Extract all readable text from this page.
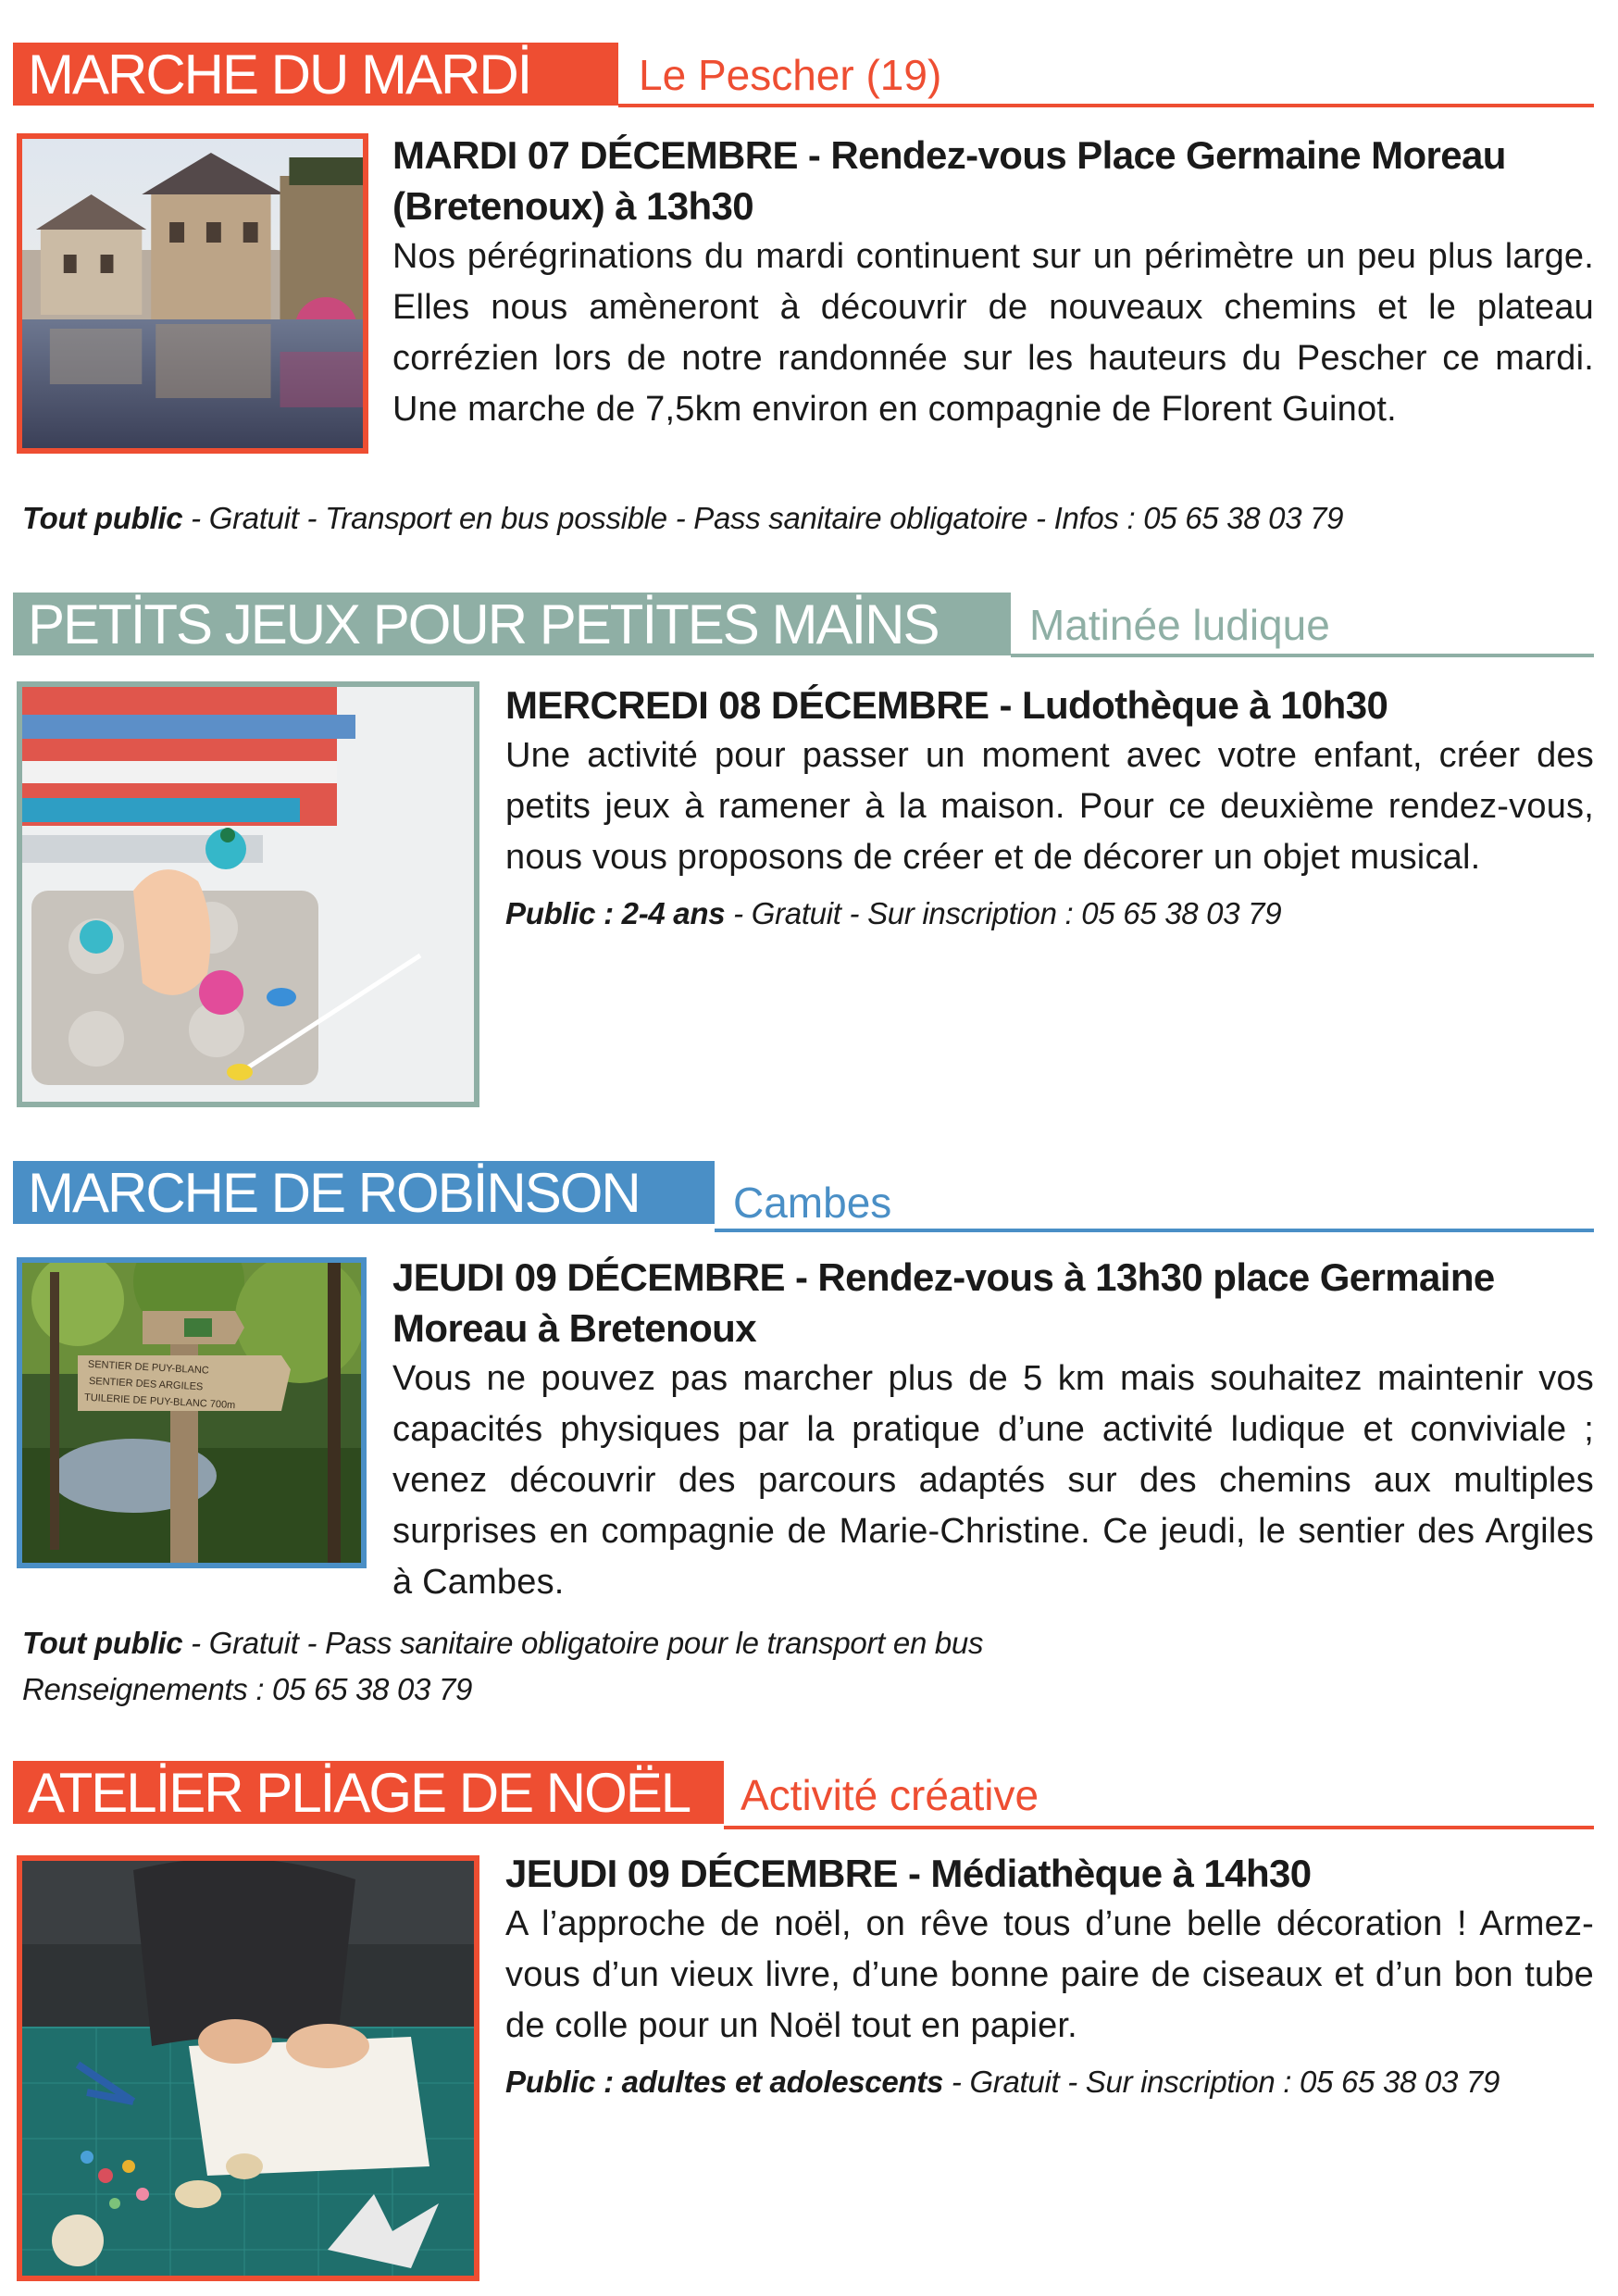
MARCHE DU MARDİ	Le Pescher (19)

MARDI 07 DÉCEMBRE - Rendez-vous Place Germaine Moreau (Bretenoux) à 13h30

Nos pérégrinations du mardi continuent sur un périmètre un peu plus large. Elles nous amèneront à découvrir de nouveaux chemins et le plateau corrézien lors de notre randonnée sur les hauteurs du Pescher ce mardi. Une marche de 7,5km environ en compagnie de Florent Guinot.

Tout public - Gratuit - Transport en bus possible - Pass sanitaire obligatoire - Infos : 05 65 38 03 79

PETİTS JEUX POUR PETİTES MAİNS	Matinée ludique

MERCREDI 08 DÉCEMBRE - Ludothèque à 10h30

Une activité pour passer un moment avec votre enfant, créer des petits jeux à ramener à la maison. Pour ce deuxième rendez-vous, nous vous proposons de créer et de décorer un objet musical.

Public : 2-4 ans - Gratuit - Sur inscription : 05 65 38 03 79

MARCHE DE ROBİNSON	Cambes
SENTIER DE PUY-BLANC
SENTIER DES ARGILES
TUILERIE DE PUY-BLANC 700m

JEUDI 09 DÉCEMBRE - Rendez-vous à 13h30 place Germaine Moreau à Bretenoux

Vous ne pouvez pas marcher plus de 5 km mais souhaitez maintenir vos capacités physiques par la pratique d’une activité ludique et conviviale ; venez découvrir des parcours adaptés sur des chemins aux multiples surprises en compagnie de Marie-Christine. Ce jeudi, le sentier des Argiles à Cambes.

Tout public - Gratuit - Pass sanitaire obligatoire pour le transport en bus

Renseignements : 05 65 38 03 79

ATELİER PLİAGE DE NOËL	Activité créative

JEUDI 09 DÉCEMBRE - Médiathèque à 14h30

A l’approche de noël, on rêve tous d’une belle décoration ! Armez-vous d’un vieux livre, d’une bonne paire de ciseaux et d’un bon tube de colle pour un Noël tout en papier.

Public : adultes et adolescents - Gratuit - Sur inscription : 05 65 38 03 79
